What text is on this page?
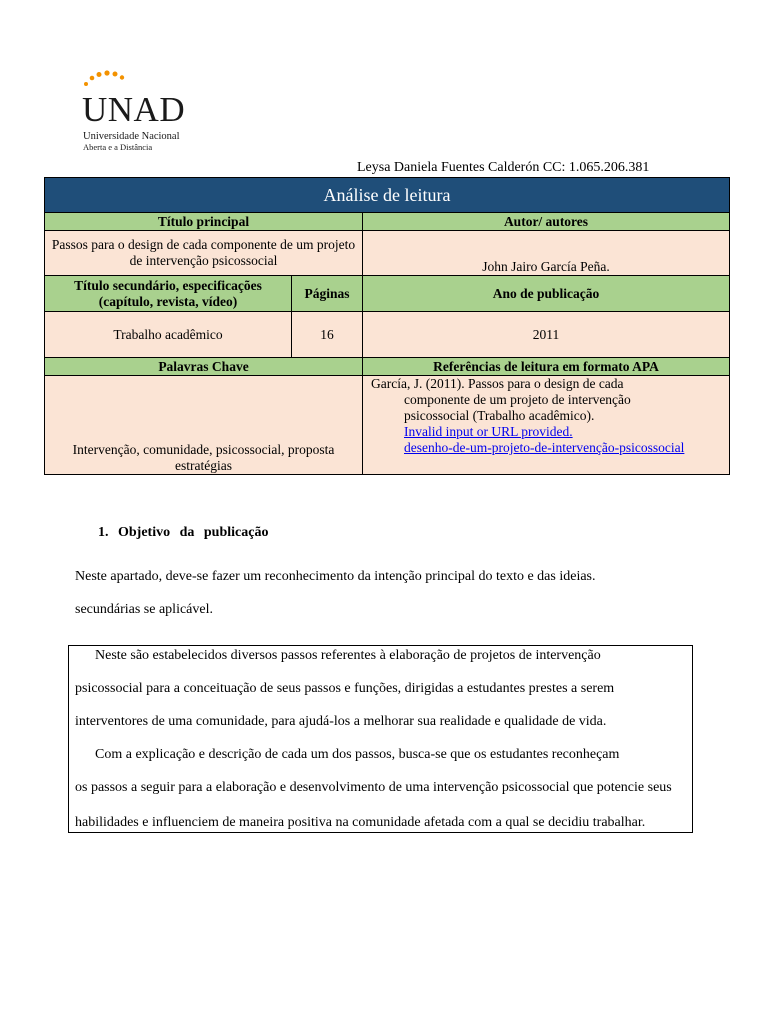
UNAD
Universidade Nacional
Aberta e a Distância
Leysa Daniela Fuentes Calderón CC: 1.065.206.381
Análise de leitura		
Título principal		Autor/ autores
Passos para o design de cada componente de um projeto de intervenção psicossocial		John Jairo García Peña.
Título secundário, especificações (capítulo, revista, vídeo)	Páginas	Ano de publicação
Trabalho acadêmico	16	2011
Palavras Chave		Referências de leitura em formato APA
Intervenção, comunidade, psicossocial, proposta estratégias		García, J. (2011). Passos para o design de cada
componente de um projeto de intervenção
psicossocial (Trabalho acadêmico).
Invalid input or URL provided.
desenho-de-um-projeto-de-intervenção-psicossocial
1. Objetivo da publicação
Neste apartado, deve-se fazer um reconhecimento da intenção principal do texto e das ideias.
secundárias se aplicável.
Neste são estabelecidos diversos passos referentes à elaboração de projetos de intervenção
psicossocial para a conceituação de seus passos e funções, dirigidas a estudantes prestes a serem
interventores de uma comunidade, para ajudá-los a melhorar sua realidade e qualidade de vida.
Com a explicação e descrição de cada um dos passos, busca-se que os estudantes reconheçam
os passos a seguir para a elaboração e desenvolvimento de uma intervenção psicossocial que potencie seus
habilidades e influenciem de maneira positiva na comunidade afetada com a qual se decidiu trabalhar.
